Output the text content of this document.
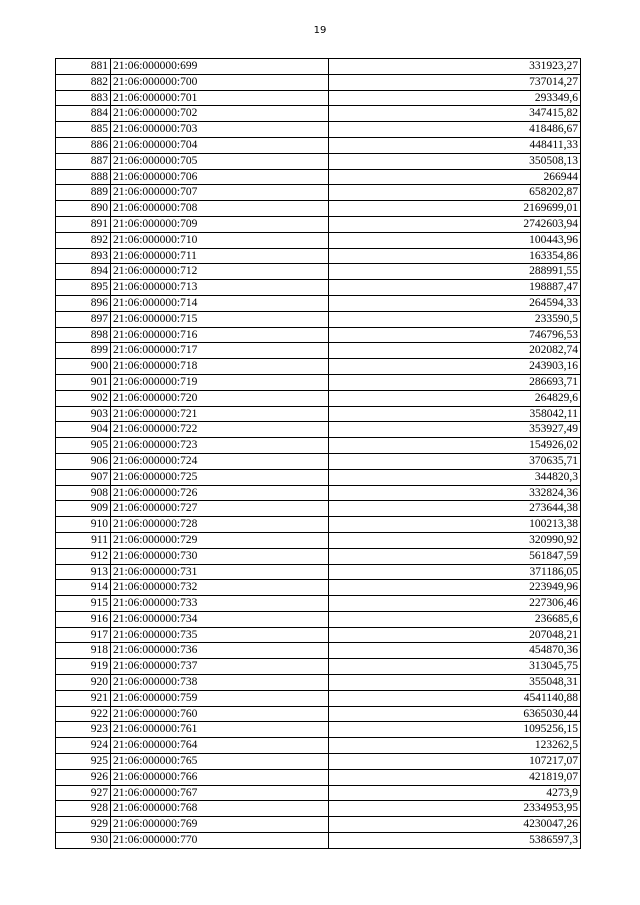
19
881	21:06:000000:699	331923,27
882	21:06:000000:700	737014,27
883	21:06:000000:701	293349,6
884	21:06:000000:702	347415,82
885	21:06:000000:703	418486,67
886	21:06:000000:704	448411,33
887	21:06:000000:705	350508,13
888	21:06:000000:706	266944
889	21:06:000000:707	658202,87
890	21:06:000000:708	2169699,01
891	21:06:000000:709	2742603,94
892	21:06:000000:710	100443,96
893	21:06:000000:711	163354,86
894	21:06:000000:712	288991,55
895	21:06:000000:713	198887,47
896	21:06:000000:714	264594,33
897	21:06:000000:715	233590,5
898	21:06:000000:716	746796,53
899	21:06:000000:717	202082,74
900	21:06:000000:718	243903,16
901	21:06:000000:719	286693,71
902	21:06:000000:720	264829,6
903	21:06:000000:721	358042,11
904	21:06:000000:722	353927,49
905	21:06:000000:723	154926,02
906	21:06:000000:724	370635,71
907	21:06:000000:725	344820,3
908	21:06:000000:726	332824,36
909	21:06:000000:727	273644,38
910	21:06:000000:728	100213,38
911	21:06:000000:729	320990,92
912	21:06:000000:730	561847,59
913	21:06:000000:731	371186,05
914	21:06:000000:732	223949,96
915	21:06:000000:733	227306,46
916	21:06:000000:734	236685,6
917	21:06:000000:735	207048,21
918	21:06:000000:736	454870,36
919	21:06:000000:737	313045,75
920	21:06:000000:738	355048,31
921	21:06:000000:759	4541140,88
922	21:06:000000:760	6365030,44
923	21:06:000000:761	1095256,15
924	21:06:000000:764	123262,5
925	21:06:000000:765	107217,07
926	21:06:000000:766	421819,07
927	21:06:000000:767	4273,9
928	21:06:000000:768	2334953,95
929	21:06:000000:769	4230047,26
930	21:06:000000:770	5386597,3
